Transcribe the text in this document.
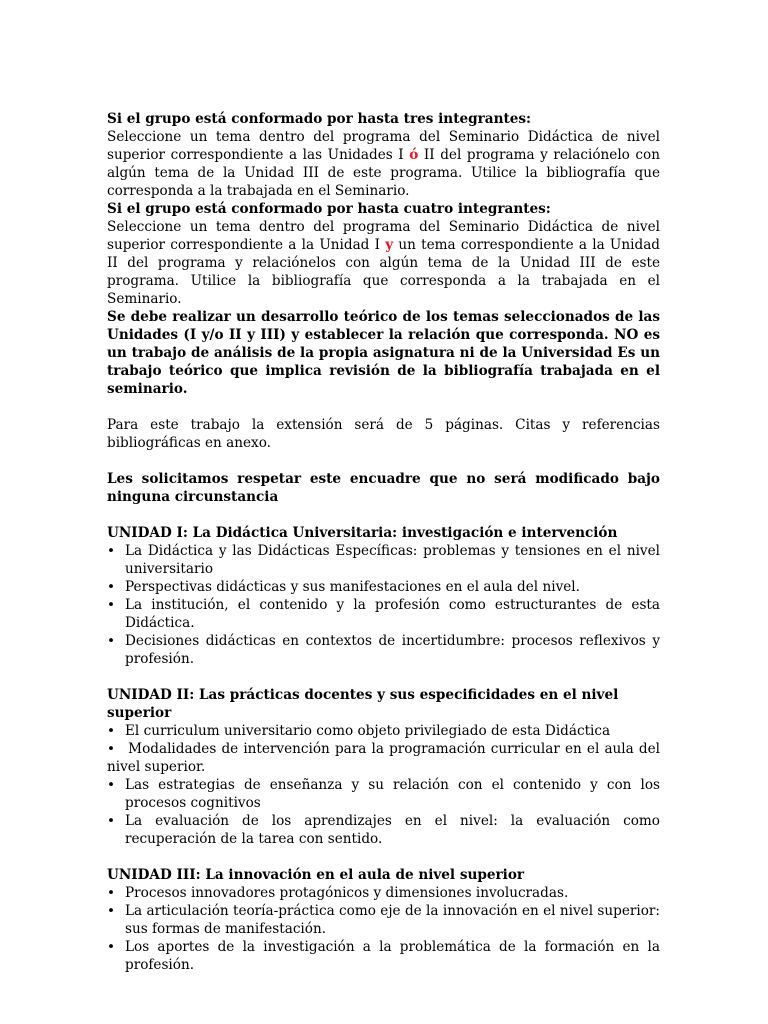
Si el grupo está conformado por hasta tres integrantes:

Seleccione un tema dentro del programa del Seminario Didáctica de nivel superior correspondiente a las Unidades I ó II del programa y relaciónelo con algún tema de la Unidad III de este programa. Utilice la bibliografía que corresponda a la trabajada en el Seminario.

Si el grupo está conformado por hasta cuatro integrantes:

Seleccione un tema dentro del programa del Seminario Didáctica de nivel superior correspondiente a la Unidad I y un tema correspondiente a la Unidad II del programa y relaciónelos con algún tema de la Unidad III de este programa. Utilice la bibliografía que corresponda a la trabajada en el Seminario.

Se debe realizar un desarrollo teórico de los temas seleccionados de las Unidades (I y/o II y III) y establecer la relación que corresponda. NO es un trabajo de análisis de la propia asignatura ni de la Universidad Es un trabajo teórico que implica revisión de la bibliografía trabajada en el seminario.

Para este trabajo la extensión será de 5 páginas. Citas y referencias bibliográficas en anexo.

Les solicitamos respetar este encuadre que no será modificado bajo ninguna circunstancia

UNIDAD I: La Didáctica Universitaria: investigación e intervención

• La Didáctica y las Didácticas Específicas: problemas y tensiones en el nivel universitario
• Perspectivas didácticas y sus manifestaciones en el aula del nivel.
• La institución, el contenido y la profesión como estructurantes de esta Didáctica.
• Decisiones didácticas en contextos de incertidumbre: procesos reflexivos y profesión.

UNIDAD II: Las prácticas docentes y sus especificidades en el nivel superior

• El curriculum universitario como objeto privilegiado de esta Didáctica
• Modalidades de intervención para la programación curricular en el aula del nivel superior.
• Las estrategias de enseñanza y su relación con el contenido y con los procesos cognitivos
• La evaluación de los aprendizajes en el nivel: la evaluación como recuperación de la tarea con sentido.

UNIDAD III: La innovación en el aula de nivel superior

• Procesos innovadores protagónicos y dimensiones involucradas.
• La articulación teoría-práctica como eje de la innovación en el nivel superior: sus formas de manifestación.
• Los aportes de la investigación a la problemática de la formación en la profesión.
